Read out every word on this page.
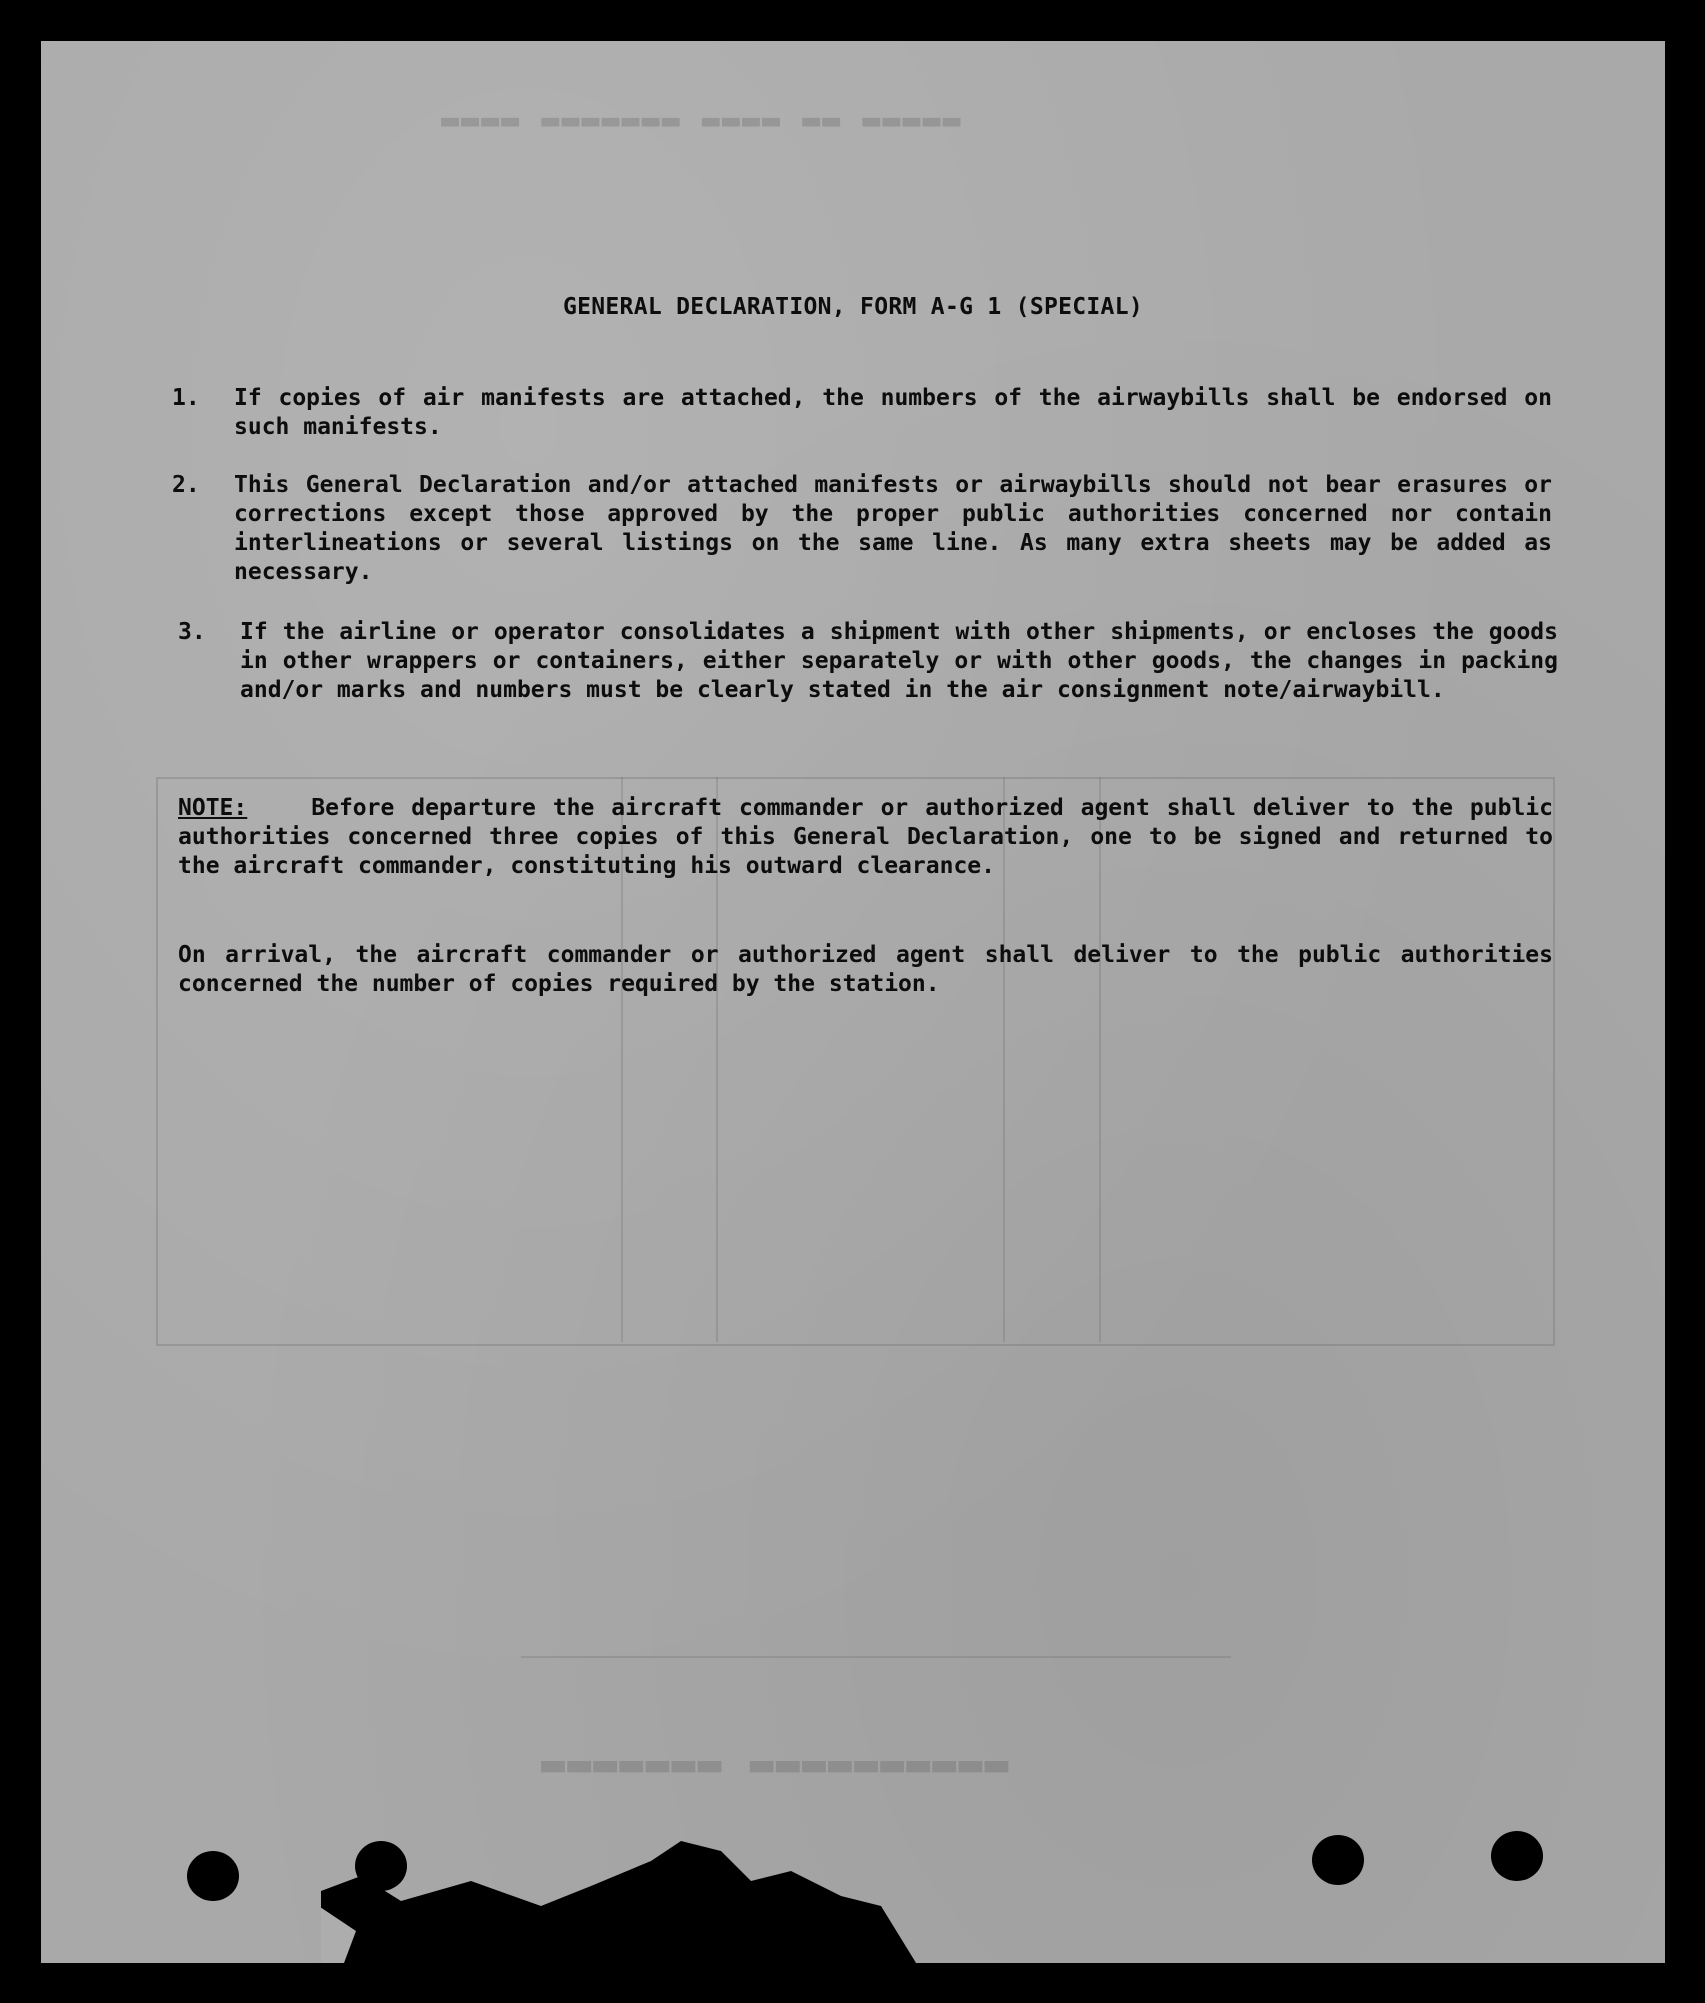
▬▬▬▬ ▬▬▬▬▬▬▬ ▬▬▬▬ ▬▬ ▬▬▬▬▬
▬▬▬▬▬▬▬ ▬▬▬▬▬▬▬▬▬▬
GENERAL DECLARATION, FORM A-G 1 (SPECIAL)
1.	If copies of air manifests are attached, the numbers of the airwaybills shall be endorsed on such manifests.
2.	This General Declaration and/or attached manifests or airwaybills should not bear erasures or corrections except those approved by the proper public authorities concerned nor contain interlineations or several listings on the same line. As many extra sheets may be added as necessary.
3.	If the airline or operator consolidates a shipment with other shipments, or encloses the goods in other wrappers or containers, either separately or with other goods, the changes in packing and/or marks and numbers must be clearly stated in the air consignment note/airwaybill.
NOTE:	Before departure the aircraft commander or authorized agent shall deliver to the public authorities concerned three copies of this General Declaration, one to be signed and returned to the aircraft commander, constituting his outward clearance.
On arrival, the aircraft commander or authorized agent shall deliver to the public authorities concerned the number of copies required by the station.
